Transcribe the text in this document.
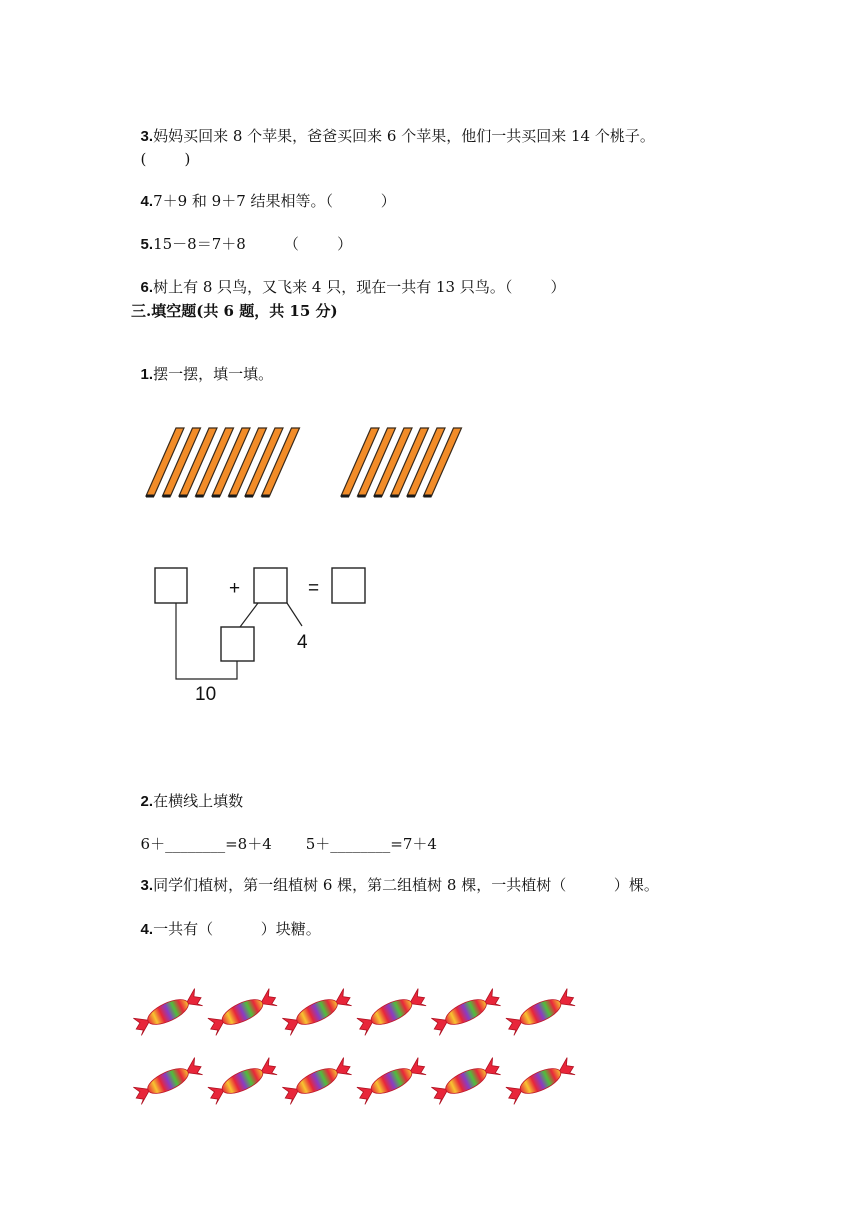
3.妈妈买回来 8 个苹果，爸爸买回来 6 个苹果，他们一共买回来 14 个桃子。

(        )

4.7＋9 和 9＋7 结果相等。（          ）

5.15－8＝7＋8        （        ）

6.树上有 8 只鸟，又飞来 4 只，现在一共有 13 只鸟。（        ）

三.填空题(共 6 题，共 15 分)

1.摆一摆，填一填。

+	=
4
10

2.在横线上填数

6＋________=8＋4 5＋________=7＋4

3.同学们植树，第一组植树 6 棵，第二组植树 8 棵，一共植树（          ）棵。

4.一共有（          ）块糖。
